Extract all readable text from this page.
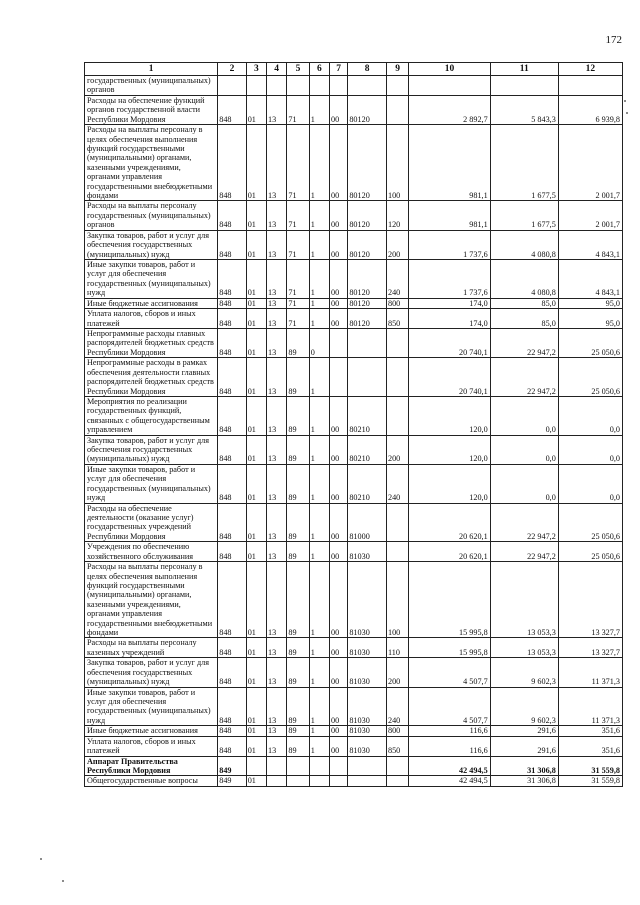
172
1	2	3	4	5	6	7	8	9	10	11	12
государственных (муниципальных) органов											
Расходы на обеспечение функций органов государственной власти Республики Мордовия	848	01	13	71	1	00	80120		2 892,7	5 843,3	6 939,8
Расходы на выплаты персоналу в целях обеспечения выполнения функций государственными (муниципальными) органами, казенными учреждениями, органами управления государственными внебюджетными фондами	848	01	13	71	1	00	80120	100	981,1	1 677,5	2 001,7
Расходы на выплаты персоналу государственных (муниципальных) органов	848	01	13	71	1	00	80120	120	981,1	1 677,5	2 001,7
Закупка товаров, работ и услуг для обеспечения государственных (муниципальных) нужд	848	01	13	71	1	00	80120	200	1 737,6	4 080,8	4 843,1
Иные закупки товаров, работ и услуг для обеспечения государственных (муниципальных) нужд	848	01	13	71	1	00	80120	240	1 737,6	4 080,8	4 843,1
Иные бюджетные ассигнования	848	01	13	71	1	00	80120	800	174,0	85,0	95,0
Уплата налогов, сборов и иных платежей	848	01	13	71	1	00	80120	850	174,0	85,0	95,0
Непрограммные расходы главных распорядителей бюджетных средств Республики Мордовия	848	01	13	89	0				20 740,1	22 947,2	25 050,6
Непрограммные расходы в рамках обеспечения деятельности главных распорядителей бюджетных средств Республики Мордовия	848	01	13	89	1				20 740,1	22 947,2	25 050,6
Мероприятия по реализации государственных функций, связанных с общегосударственным управлением	848	01	13	89	1	00	80210		120,0	0,0	0,0
Закупка товаров, работ и услуг для обеспечения государственных (муниципальных) нужд	848	01	13	89	1	00	80210	200	120,0	0,0	0,0
Иные закупки товаров, работ и услуг для обеспечения государственных (муниципальных) нужд	848	01	13	89	1	00	80210	240	120,0	0,0	0,0
Расходы на обеспечение деятельности (оказание услуг) государственных учреждений Республики Мордовия	848	01	13	89	1	00	81000		20 620,1	22 947,2	25 050,6
Учреждения по обеспечению хозяйственного обслуживания	848	01	13	89	1	00	81030		20 620,1	22 947,2	25 050,6
Расходы на выплаты персоналу в целях обеспечения выполнения функций государственными (муниципальными) органами, казенными учреждениями, органами управления государственными внебюджетными фондами	848	01	13	89	1	00	81030	100	15 995,8	13 053,3	13 327,7
Расходы на выплаты персоналу казенных учреждений	848	01	13	89	1	00	81030	110	15 995,8	13 053,3	13 327,7
Закупка товаров, работ и услуг для обеспечения государственных (муниципальных) нужд	848	01	13	89	1	00	81030	200	4 507,7	9 602,3	11 371,3
Иные закупки товаров, работ и услуг для обеспечения государственных (муниципальных) нужд	848	01	13	89	1	00	81030	240	4 507,7	9 602,3	11 371,3
Иные бюджетные ассигнования	848	01	13	89	1	00	81030	800	116,6	291,6	351,6
Уплата налогов, сборов и иных платежей	848	01	13	89	1	00	81030	850	116,6	291,6	351,6
Аппарат Правительства Республики Мордовия	849								42 494,5	31 306,8	31 559,8
Общегосударственные вопросы	849	01							42 494,5	31 306,8	31 559,8
